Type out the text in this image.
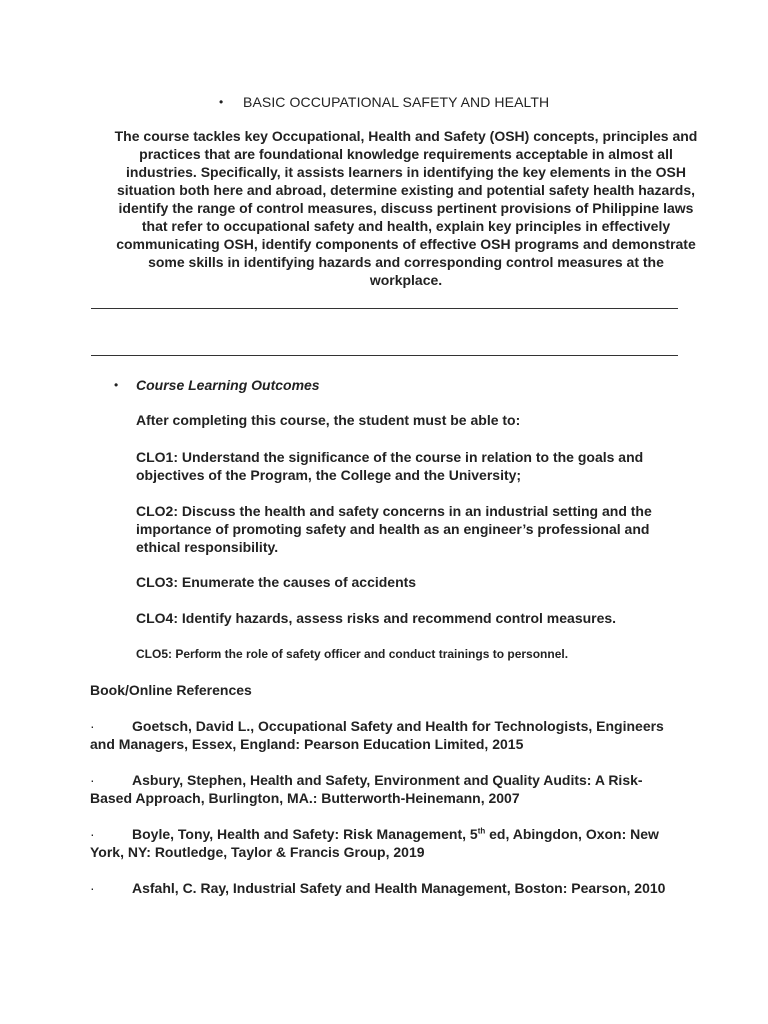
• BASIC OCCUPATIONAL SAFETY AND HEALTH
The course tackles key Occupational, Health and Safety (OSH) concepts, principles and practices that are foundational knowledge requirements acceptable in almost all industries. Specifically, it assists learners in identifying the key elements in the OSH situation both here and abroad, determine existing and potential safety health hazards, identify the range of control measures, discuss pertinent provisions of Philippine laws that refer to occupational safety and health, explain key principles in effectively communicating OSH, identify components of effective OSH programs and demonstrate some skills in identifying hazards and corresponding control measures at the workplace.
• Course Learning Outcomes
After completing this course, the student must be able to:
CLO1: Understand the significance of the course in relation to the goals and objectives of the Program, the College and the University;
CLO2: Discuss the health and safety concerns in an industrial setting and the importance of promoting safety and health as an engineer’s professional and ethical responsibility.
CLO3: Enumerate the causes of accidents
CLO4: Identify hazards, assess risks and recommend control measures.
CLO5: Perform the role of safety officer and conduct trainings to personnel.
Book/Online References
·	Goetsch, David L., Occupational Safety and Health for Technologists, Engineers and Managers, Essex, England: Pearson Education Limited, 2015
·	Asbury, Stephen, Health and Safety, Environment and Quality Audits: A Risk-Based Approach, Burlington, MA.: Butterworth-Heinemann, 2007
·	Boyle, Tony, Health and Safety: Risk Management, 5th ed, Abingdon, Oxon: New York, NY: Routledge, Taylor & Francis Group, 2019
·	Asfahl, C. Ray, Industrial Safety and Health Management, Boston: Pearson, 2010
